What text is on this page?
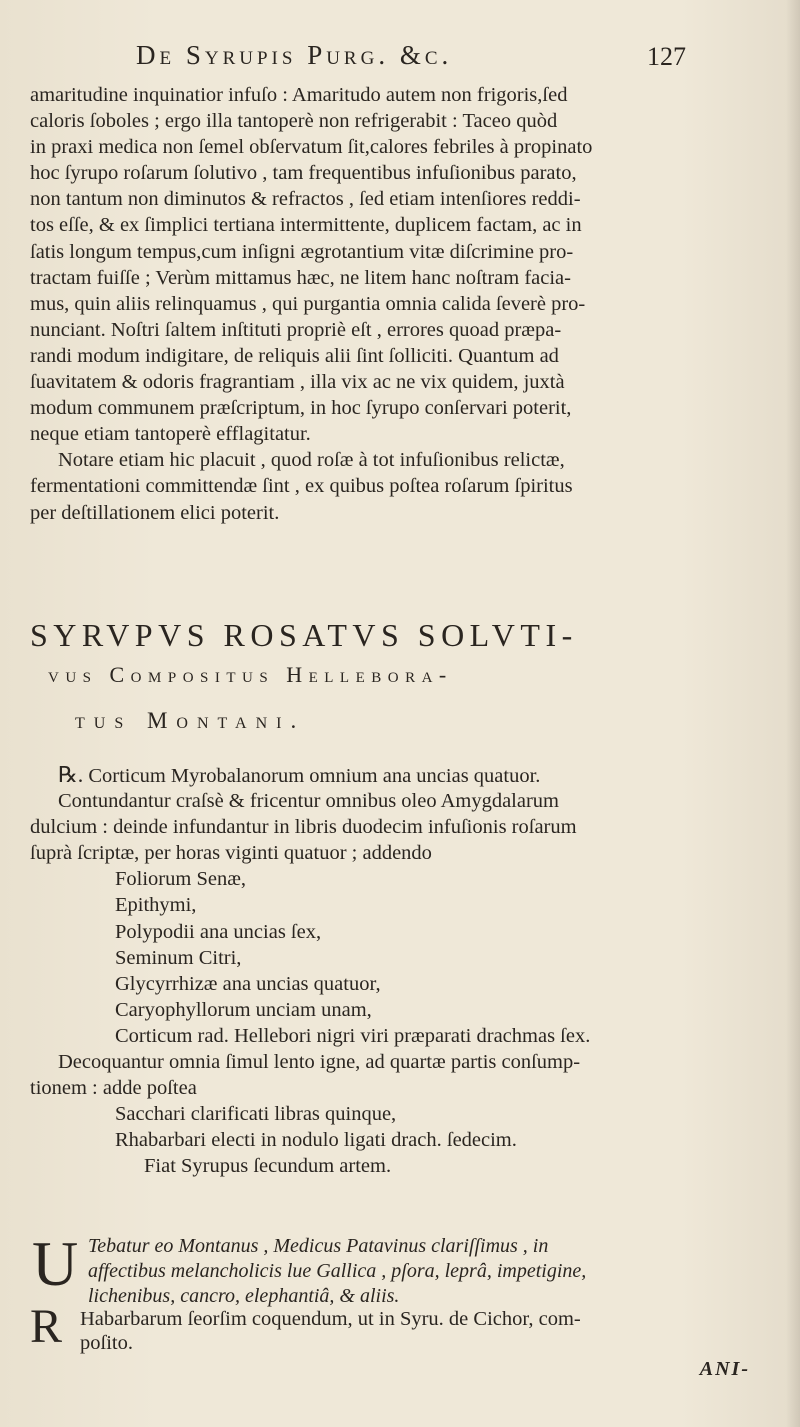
De Syrupis Purg. &c.	127
amaritudine inquinatior infuſo : Amaritudo autem non frigoris,ſed
caloris ſoboles ; ergo illa tantoperè non refrigerabit : Taceo quòd
in praxi medica non ſemel obſervatum ſit,calores febriles à propinato
hoc ſyrupo roſarum ſolutivo , tam frequentibus infuſionibus parato,
non tantum non diminutos & refractos , ſed etiam intenſiores reddi-
tos eſſe, & ex ſimplici tertiana intermittente, duplicem factam, ac in
ſatis longum tempus,cum inſigni ægrotantium vitæ diſcrimine pro-
tractam fuiſſe ; Verùm mittamus hæc, ne litem hanc noſtram facia-
mus, quin aliis relinquamus , qui purgantia omnia calida ſeverè pro-
nunciant. Noſtri ſaltem inſtituti propriè eſt , errores quoad præpa-
randi modum indigitare, de reliquis alii ſint ſolliciti. Quantum ad
ſuavitatem & odoris fragrantiam , illa vix ac ne vix quidem, juxtà
modum communem præſcriptum, in hoc ſyrupo conſervari poterit,
neque etiam tantoperè efflagitatur.
Notare etiam hic placuit , quod roſæ à tot infuſionibus relictæ,
fermentationi committendæ ſint , ex quibus poſtea roſarum ſpiritus
per deſtillationem elici poterit.
SYRVPVS ROSATVS SOLVTI-
vus Compositus Hellebora-
tus Montani.
℞. Corticum Myrobalanorum omnium ana uncias quatuor.
Contundantur craſsè & fricentur omnibus oleo Amygdalarum
dulcium : deinde infundantur in libris duodecim infuſionis roſarum
ſuprà ſcriptæ, per horas viginti quatuor ; addendo
Foliorum Senæ,
Epithymi,
Polypodii ana uncias ſex,
Seminum Citri,
Glycyrrhizæ ana uncias quatuor,
Caryophyllorum unciam unam,
Corticum rad. Hellebori nigri viri præparati drachmas ſex.
Decoquantur omnia ſimul lento igne, ad quartæ partis conſump-
tionem : adde poſtea
Sacchari clarificati libras quinque,
Rhabarbari electi in nodulo ligati drach. ſedecim.
Fiat Syrupus ſecundum artem.
U Tebatur eo Montanus , Medicus Patavinus clariſſimus , in
affectibus melancholicis lue Gallica , pſora, leprâ, impetigine,
lichenibus, cancro, elephantiâ, & aliis.
R Habarbarum ſeorſim coquendum, ut in Syru. de Cichor, com-
poſito.
ANI-
